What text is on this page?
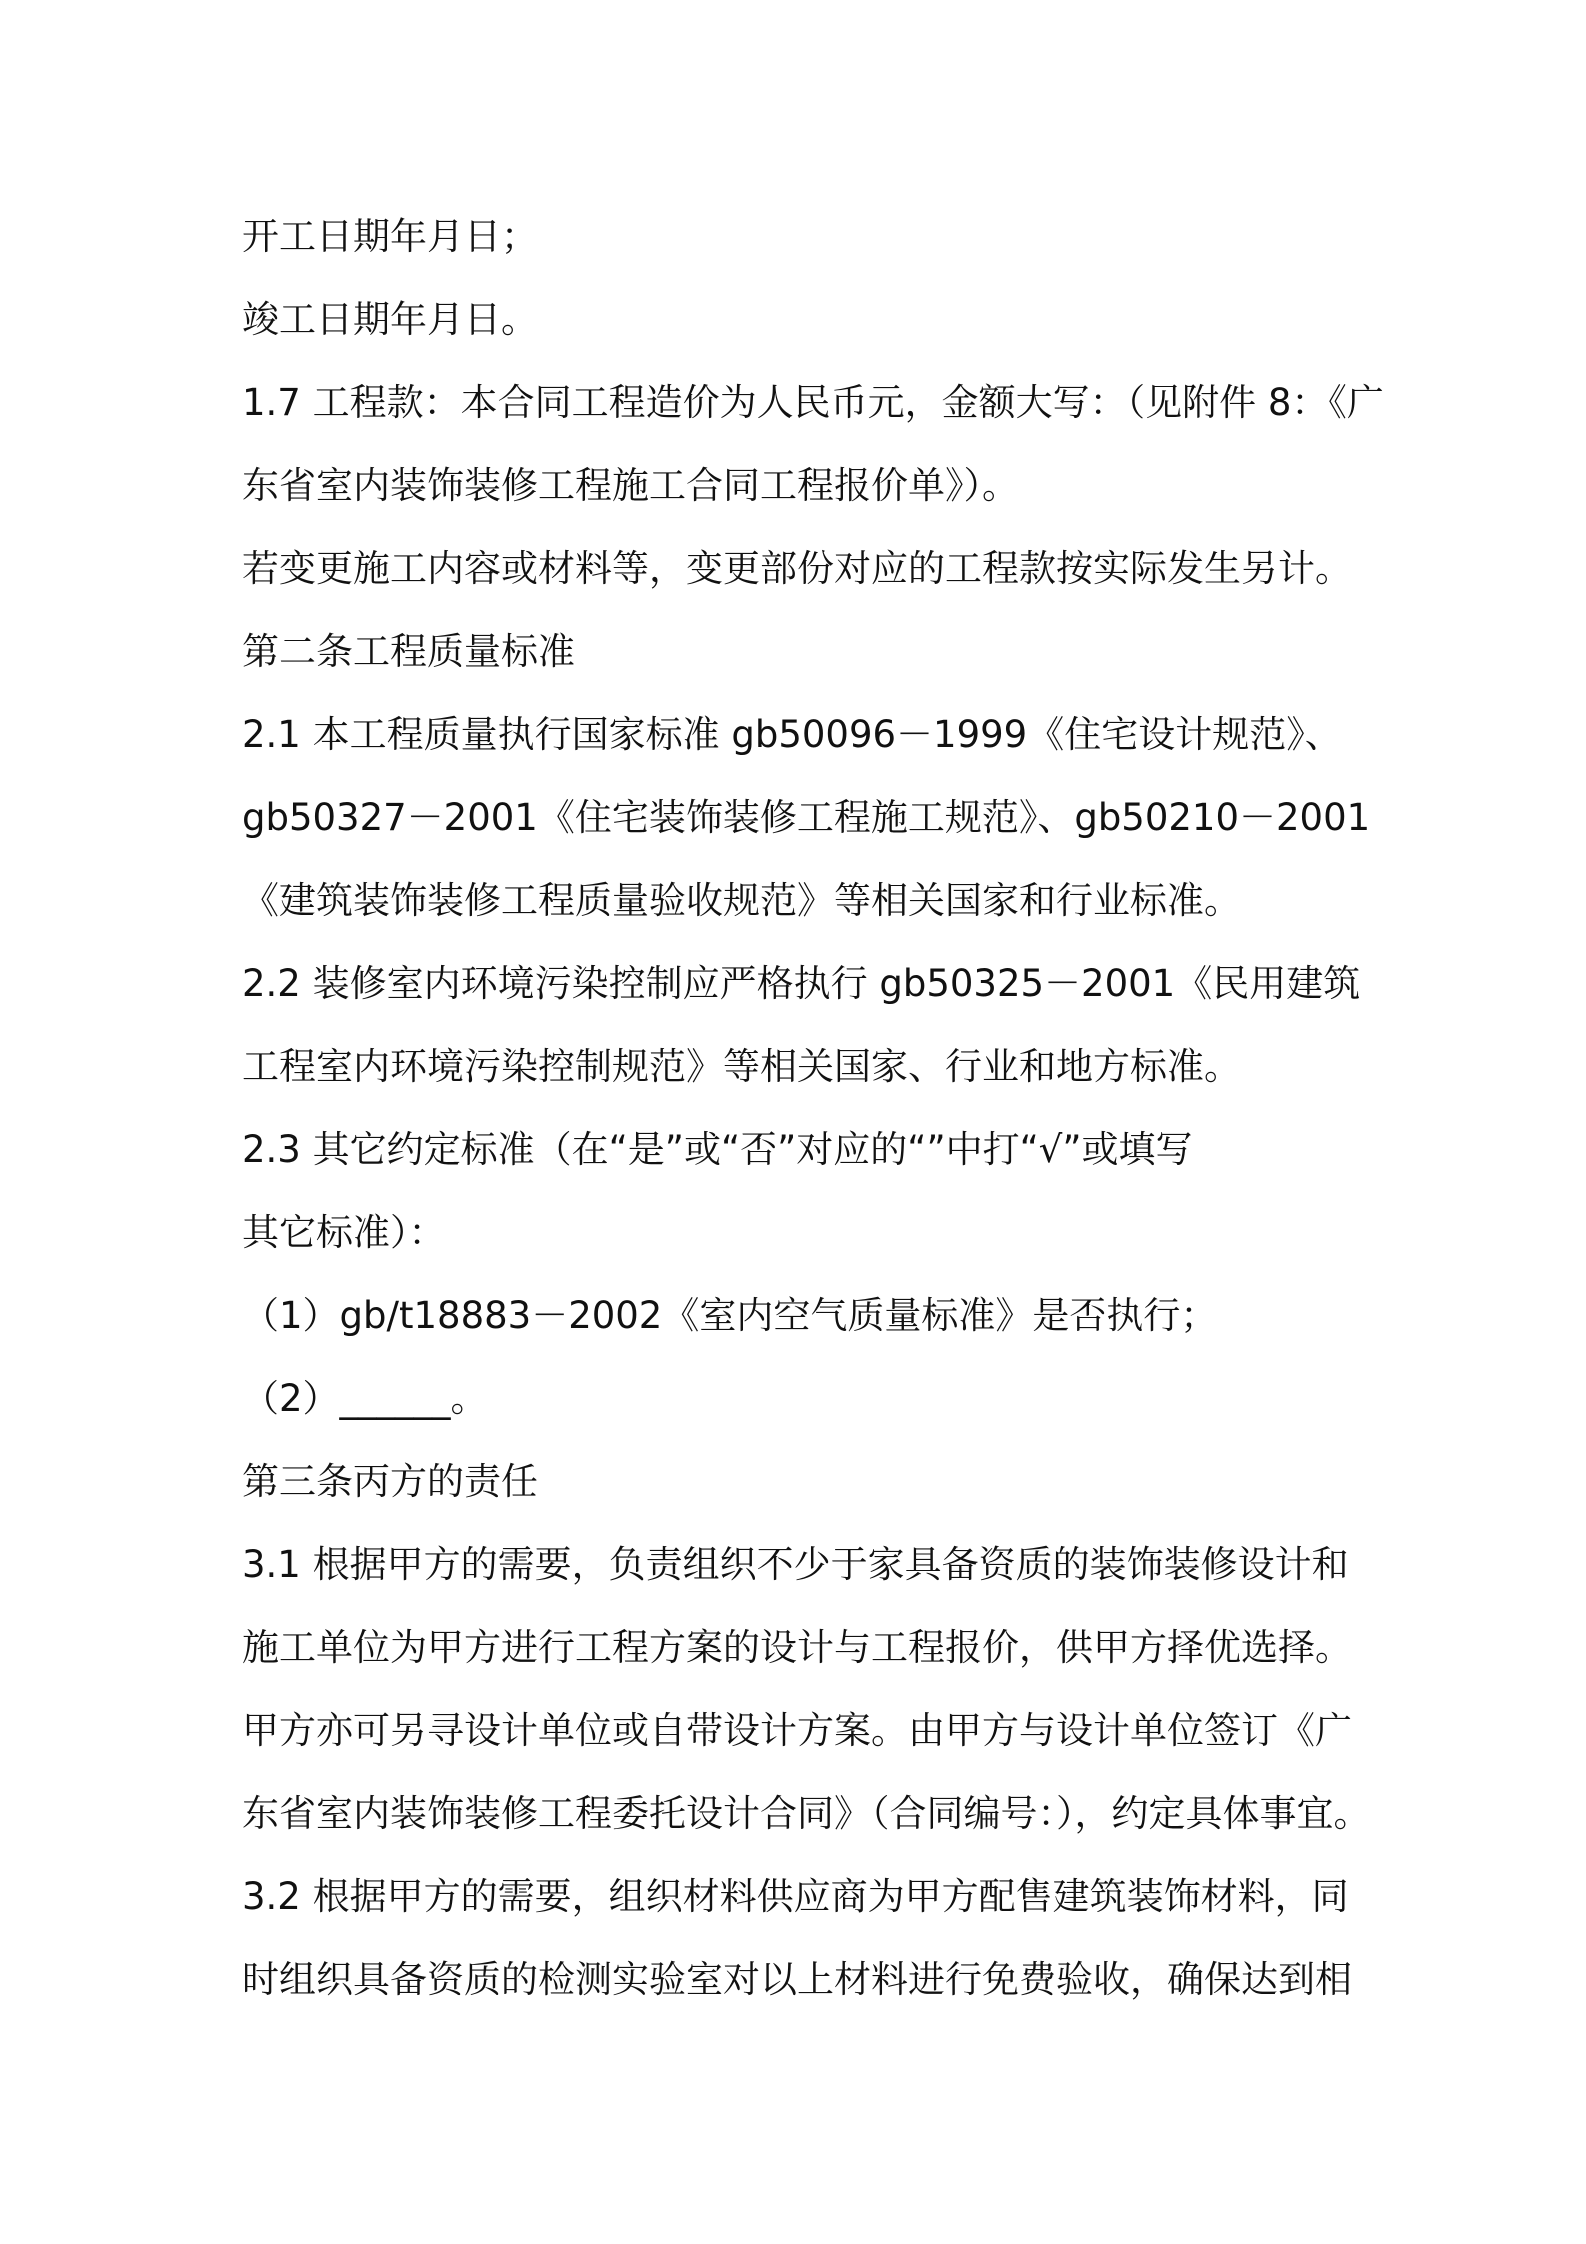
开工日期年月日；
竣工日期年月日。
1.7 工程款：本合同工程造价为人民币元，金额大写：（见附件 8：《广
东省室内装饰装修工程施工合同工程报价单》）。
若变更施工内容或材料等，变更部份对应的工程款按实际发生另计。
第二条工程质量标准
2.1 本工程质量执行国家标准 gb50096－1999《住宅设计规范》、
gb50327－2001《住宅装饰装修工程施工规范》、gb50210－2001
《建筑装饰装修工程质量验收规范》等相关国家和行业标准。
2.2 装修室内环境污染控制应严格执行 gb50325－2001《民用建筑
工程室内环境污染控制规范》等相关国家、行业和地方标准。
2.3 其它约定标准（在“是”或“否”对应的“”中打“√”或填写
其它标准）：
（1）gb/t18883－2002《室内空气质量标准》是否执行；
（2）______。
第三条丙方的责任
3.1 根据甲方的需要，负责组织不少于家具备资质的装饰装修设计和
施工单位为甲方进行工程方案的设计与工程报价，供甲方择优选择。
甲方亦可另寻设计单位或自带设计方案。由甲方与设计单位签订《广
东省室内装饰装修工程委托设计合同》（合同编号：），约定具体事宜。
3.2 根据甲方的需要，组织材料供应商为甲方配售建筑装饰材料，同
时组织具备资质的检测实验室对以上材料进行免费验收，确保达到相
